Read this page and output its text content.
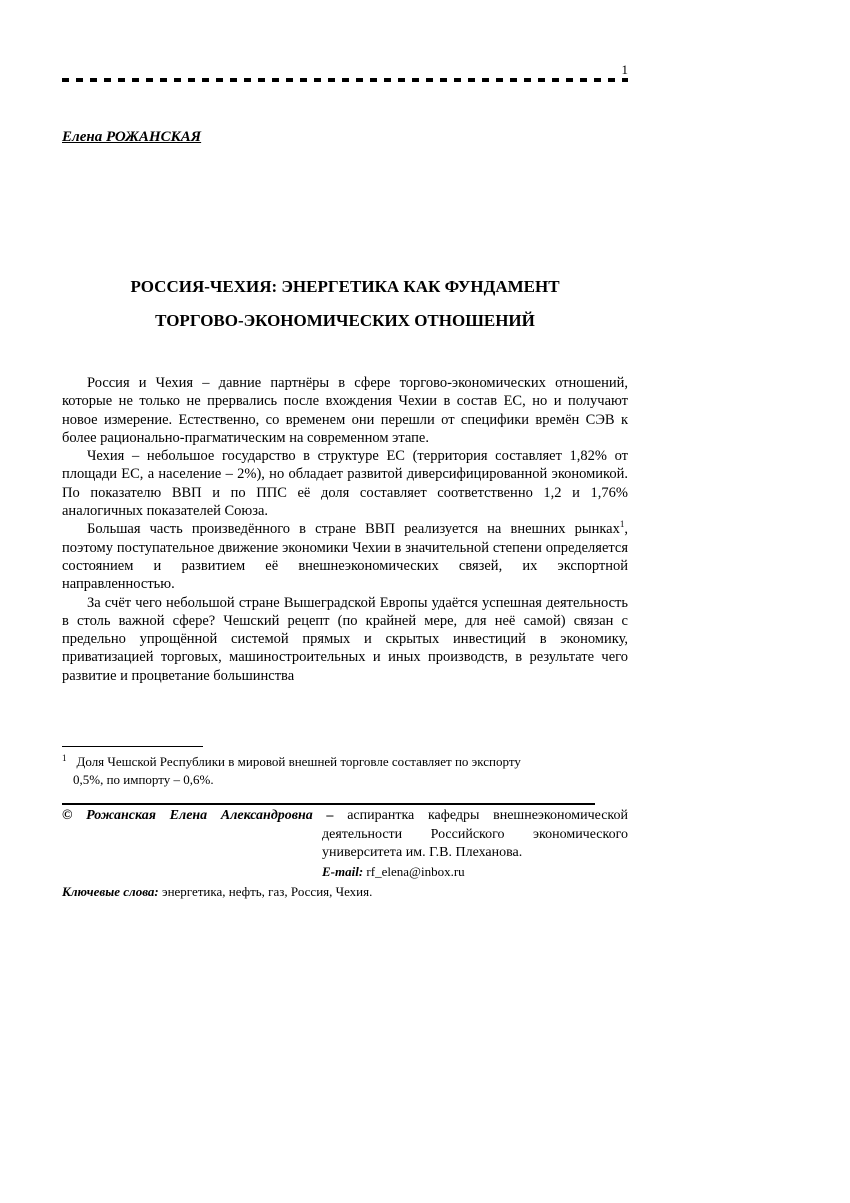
1
Елена РОЖАНСКАЯ
РОССИЯ-ЧЕХИЯ: ЭНЕРГЕТИКА КАК ФУНДАМЕНТ
ТОРГОВО-ЭКОНОМИЧЕСКИХ ОТНОШЕНИЙ

Россия и Чехия – давние партнёры в сфере торгово-экономических отношений, которые не только не прервались после вхождения Чехии в состав ЕС, но и получают новое измерение. Естественно, со временем они перешли от специфики времён СЭВ к более рационально-прагматическим на современном этапе.

Чехия – небольшое государство в структуре ЕС (территория составляет 1,82% от площади ЕС, а население – 2%), но обладает развитой диверсифицированной экономикой. По показателю ВВП и по ППС её доля составляет соответственно 1,2 и 1,76% аналогичных показателей Союза.

Большая часть произведённого в стране ВВП реализуется на внешних рынках$^1$, поэтому поступательное движение экономики Чехии в значительной степени определяется состоянием и развитием её внешнеэкономических связей, их экспортной направленностью.

За счёт чего небольшой стране Вышеградской Европы удаётся успешная деятельность в столь важной сфере? Чешский рецепт (по крайней мере, для неё самой) связан с предельно упрощённой системой прямых и скрытых инвестиций в экономику, приватизацией торговых, машиностроительных и иных производств, в результате чего развитие и процветание большинства

$^1$ Доля Чешской Республики в мировой внешней торговле составляет по экспорту
0,5%, по импорту – 0,6%.
© Рожанская Елена Александровна – аспирантка кафедры внешнеэкономической
деятельности Российского экономического
университета им. Г.В. Плеханова.
E-mail: rf_elena@inbox.ru
Ключевые слова: энергетика, нефть, газ, Россия, Чехия.
